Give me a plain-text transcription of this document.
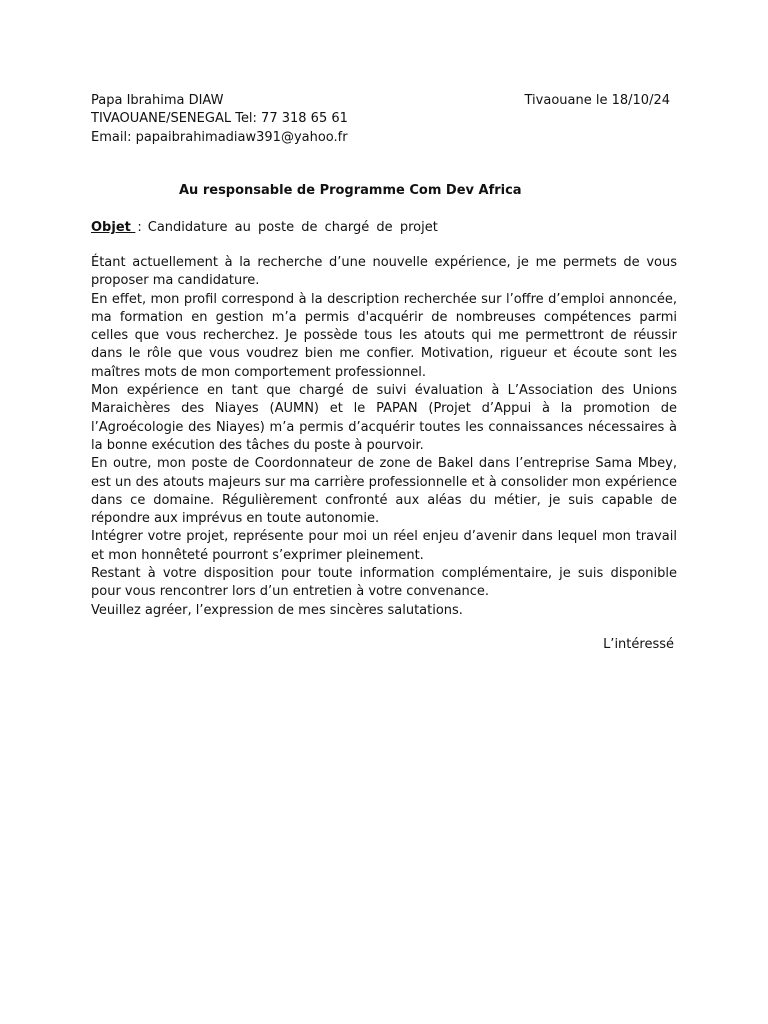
Papa Ibrahima DIAW
TIVAOUANE/SENEGAL Tel: 77 318 65 61
Email: papaibrahimadiaw391@yahoo.fr
Tivaouane le 18/10/24
Au responsable de Programme Com Dev Africa
Objet : Candidature au poste de chargé de projet

Étant actuellement à la recherche d’une nouvelle expérience, je me permets de vous proposer ma candidature.

En effet, mon profil correspond à la description recherchée sur l’offre d’emploi annoncée, ma formation en gestion m’a permis d'acquérir de nombreuses compétences parmi celles que vous recherchez. Je possède tous les atouts qui me permettront de réussir dans le rôle que vous voudrez bien me confier. Motivation, rigueur et écoute sont les maîtres mots de mon comportement professionnel.

Mon expérience en tant que chargé de suivi évaluation à L’Association des Unions Maraichères des Niayes (AUMN) et le PAPAN (Projet d’Appui à la promotion de l’Agroécologie des Niayes) m’a permis d’acquérir toutes les connaissances nécessaires à la bonne exécution des tâches du poste à pourvoir.

En outre, mon poste de Coordonnateur de zone de Bakel dans l’entreprise Sama Mbey, est un des atouts majeurs sur ma carrière professionnelle et à consolider mon expérience dans ce domaine. Régulièrement confronté aux aléas du métier, je suis capable de répondre aux imprévus en toute autonomie.

Intégrer votre projet, représente pour moi un réel enjeu d’avenir dans lequel mon travail et mon honnêteté pourront s’exprimer pleinement.

Restant à votre disposition pour toute information complémentaire, je suis disponible pour vous rencontrer lors d’un entretien à votre convenance.

Veuillez agréer, l’expression de mes sincères salutations.

L’intéressé
